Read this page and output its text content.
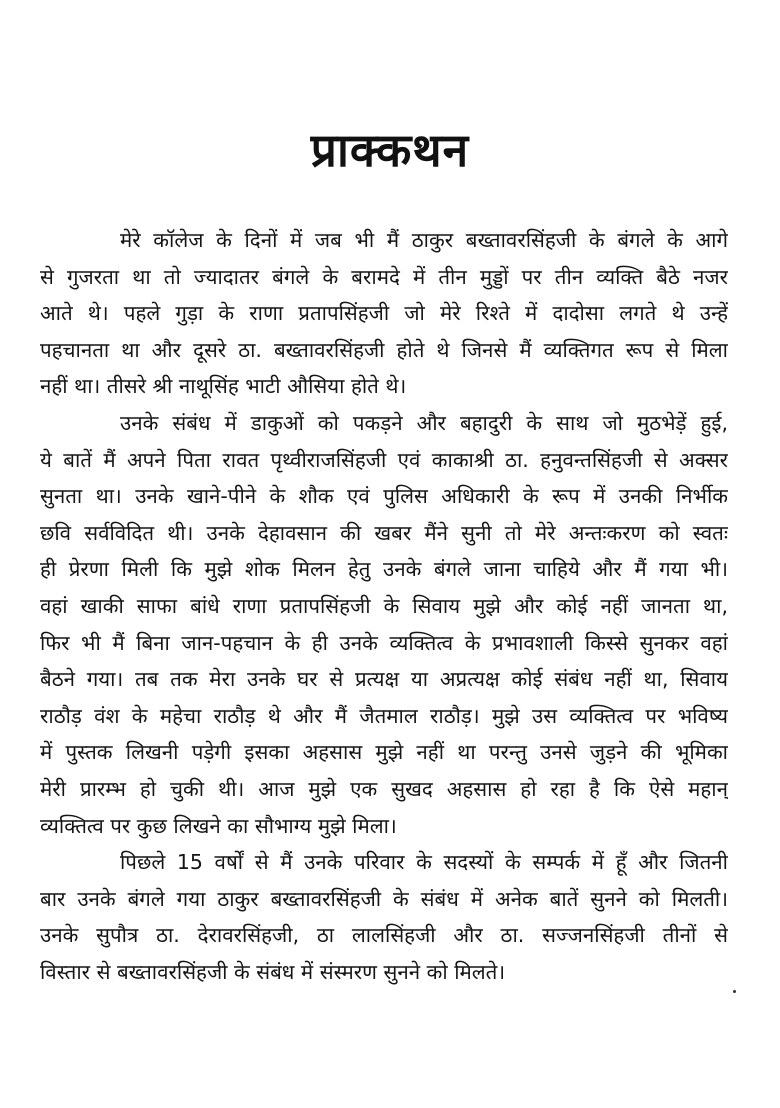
प्राक्कथन
मेरे कॉलेज के दिनों में जब भी मैं ठाकुर बख्तावरसिंहजी के बंगले के आगे
से गुजरता था तो ज्यादातर बंगले के बरामदे में तीन मुड्डों पर तीन व्यक्ति बैठे नजर
आते थे। पहले गुड़ा के राणा प्रतापसिंहजी जो मेरे रिश्ते में दादोसा लगते थे उन्हें
पहचानता था और दूसरे ठा. बख्तावरसिंहजी होते थे जिनसे मैं व्यक्तिगत रूप से मिला
नहीं था। तीसरे श्री नाथूसिंह भाटी औसिया होते थे।
उनके संबंध में डाकुओं को पकड़ने और बहादुरी के साथ जो मुठभेड़ें हुई,
ये बातें मैं अपने पिता रावत पृथ्वीराजसिंहजी एवं काकाश्री ठा. हनुवन्तसिंहजी से अक्सर
सुनता था। उनके खाने-पीने के शौक एवं पुलिस अधिकारी के रूप में उनकी निर्भीक
छवि सर्वविदित थी। उनके देहावसान की खबर मैंने सुनी तो मेरे अन्तःकरण को स्वतः
ही प्रेरणा मिली कि मुझे शोक मिलन हेतु उनके बंगले जाना चाहिये और मैं गया भी।
वहां खाकी साफा बांधे राणा प्रतापसिंहजी के सिवाय मुझे और कोई नहीं जानता था,
फिर भी मैं बिना जान-पहचान के ही उनके व्यक्तित्व के प्रभावशाली किस्से सुनकर वहां
बैठने गया। तब तक मेरा उनके घर से प्रत्यक्ष या अप्रत्यक्ष कोई संबंध नहीं था, सिवाय
राठौड़ वंश के महेचा राठौड़ थे और मैं जैतमाल राठौड़। मुझे उस व्यक्तित्व पर भविष्य
में पुस्तक लिखनी पड़ेगी इसका अहसास मुझे नहीं था परन्तु उनसे जुड़ने की भूमिका
मेरी प्रारम्भ हो चुकी थी। आज मुझे एक सुखद अहसास हो रहा है कि ऐसे महान्
व्यक्तित्व पर कुछ लिखने का सौभाग्य मुझे मिला।
पिछले 15 वर्षों से मैं उनके परिवार के सदस्यों के सम्पर्क में हूँ और जितनी
बार उनके बंगले गया ठाकुर बख्तावरसिंहजी के संबंध में अनेक बातें सुनने को मिलती।
उनके सुपौत्र ठा. देरावरसिंहजी, ठा लालसिंहजी और ठा. सज्जनसिंहजी तीनों से
विस्तार से बख्तावरसिंहजी के संबंध में संस्मरण सुनने को मिलते।
